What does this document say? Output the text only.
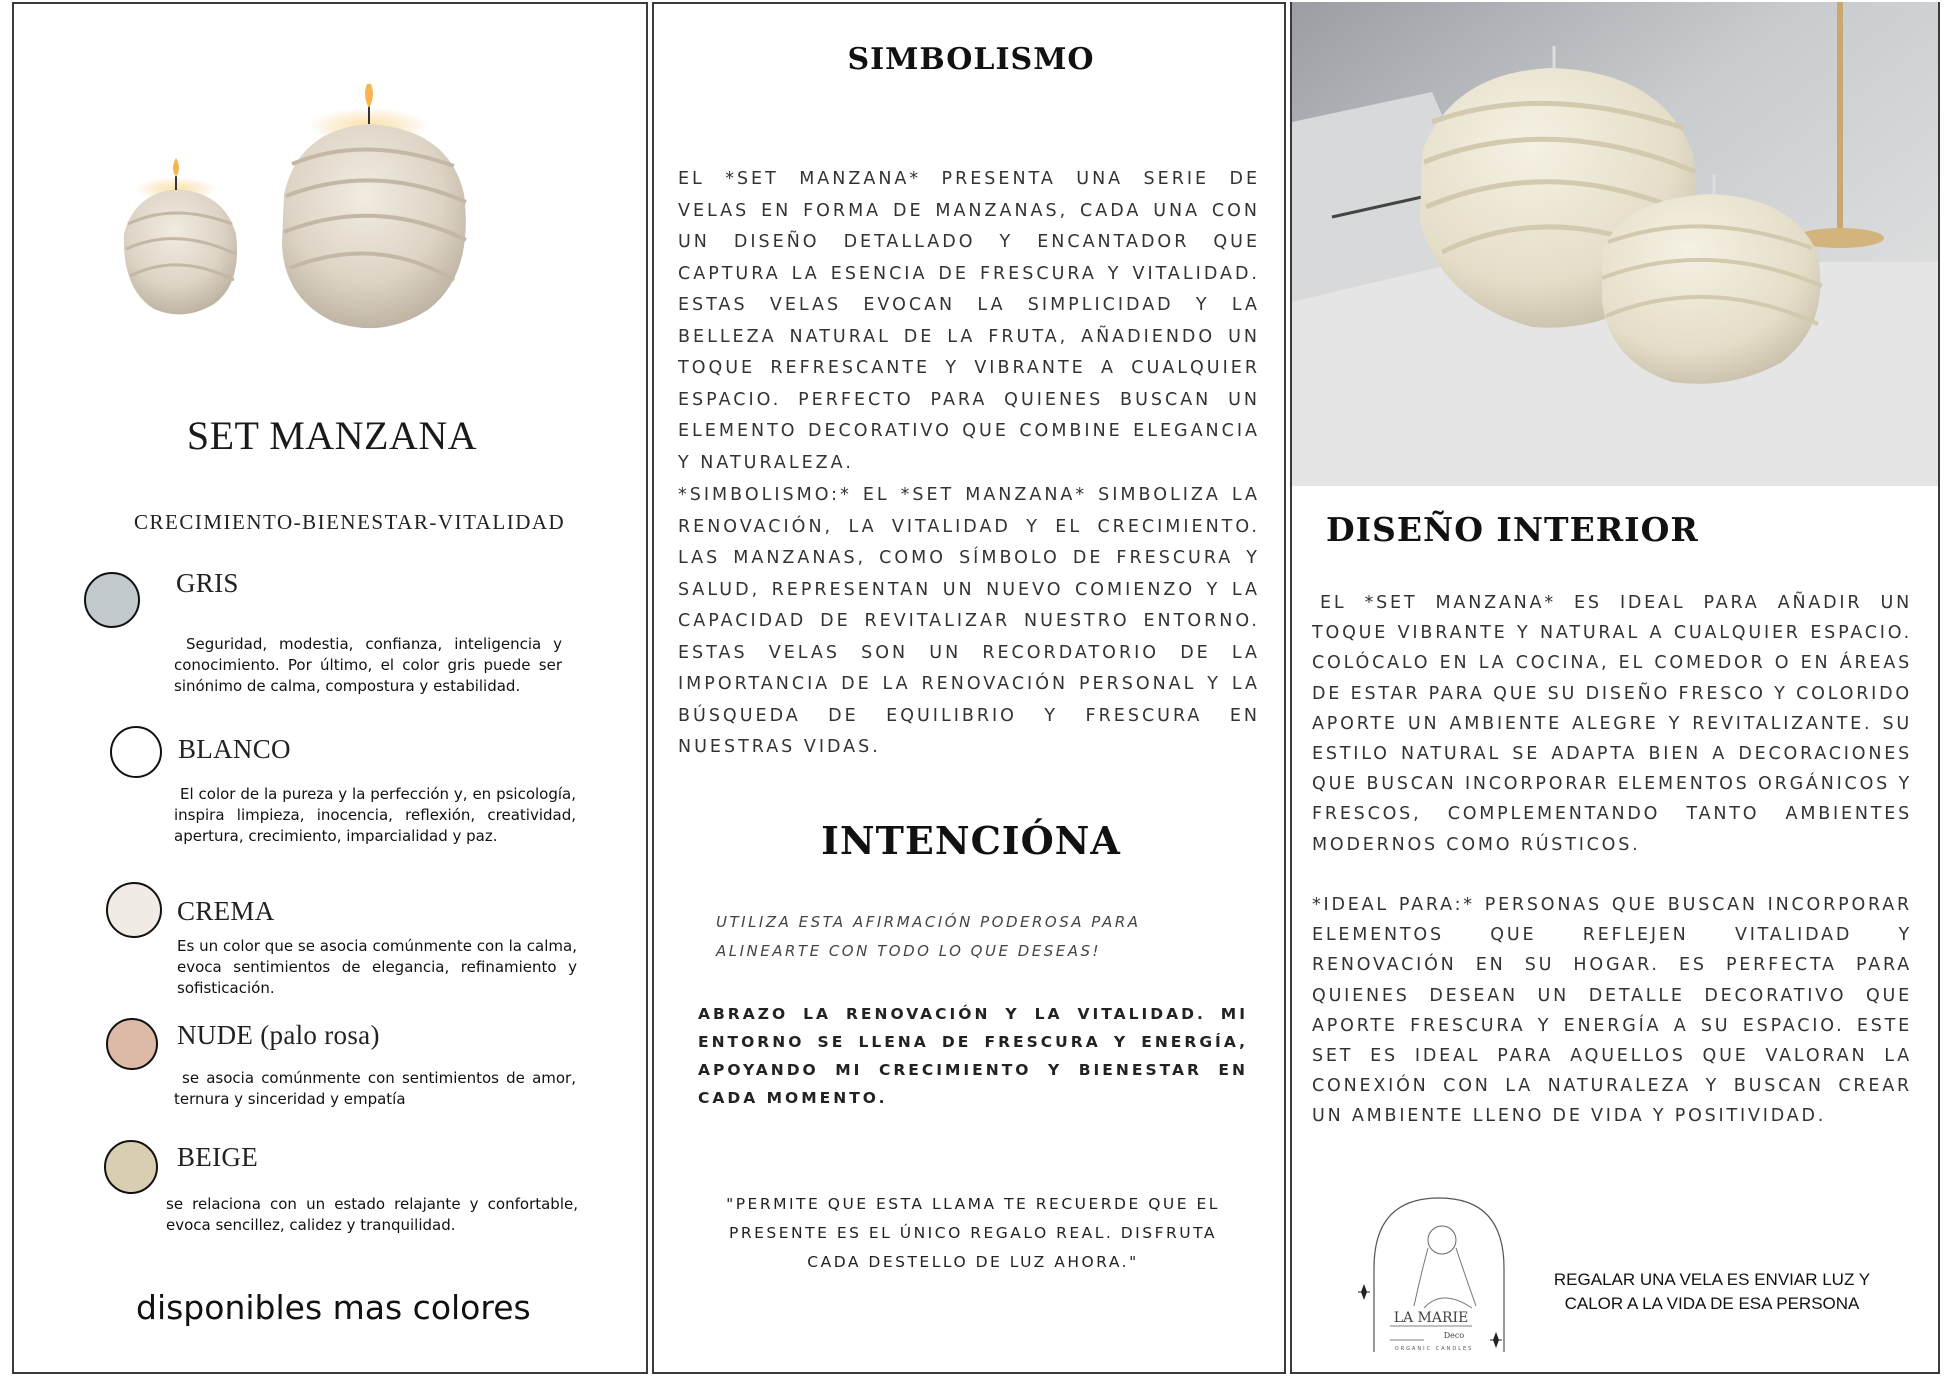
SET MANZANA
CRECIMIENTO-BIENESTAR-VITALIDAD
GRIS
Seguridad, modestia, confianza, inteligencia y conocimiento. Por último, el color gris puede ser sinónimo de calma, compostura y estabilidad.
BLANCO
El color de la pureza y la perfección y, en psicología, inspira limpieza, inocencia, reflexión, creatividad, apertura, crecimiento, imparcialidad y paz.
CREMA
Es un color que se asocia comúnmente con la calma, evoca sentimientos de elegancia, refinamiento y sofisticación.
NUDE (palo rosa)
se asocia comúnmente con sentimientos de amor, ternura y sinceridad y empatía
BEIGE
se relaciona con un estado relajante y confortable, evoca sencillez, calidez y tranquilidad.
disponibles mas colores
SIMBOLISMO
EL *SET MANZANA* PRESENTA UNA SERIE DE VELAS EN FORMA DE MANZANAS, CADA UNA CON UN DISEÑO DETALLADO Y ENCANTADOR QUE CAPTURA LA ESENCIA DE FRESCURA Y VITALIDAD. ESTAS VELAS EVOCAN LA SIMPLICIDAD Y LA BELLEZA NATURAL DE LA FRUTA, AÑADIENDO UN TOQUE REFRESCANTE Y VIBRANTE A CUALQUIER ESPACIO. PERFECTO PARA QUIENES BUSCAN UN ELEMENTO DECORATIVO QUE COMBINE ELEGANCIA Y NATURALEZA.
*SIMBOLISMO:* EL *SET MANZANA* SIMBOLIZA LA RENOVACIÓN, LA VITALIDAD Y EL CRECIMIENTO. LAS MANZANAS, COMO SÍMBOLO DE FRESCURA Y SALUD, REPRESENTAN UN NUEVO COMIENZO Y LA CAPACIDAD DE REVITALIZAR NUESTRO ENTORNO. ESTAS VELAS SON UN RECORDATORIO DE LA IMPORTANCIA DE LA RENOVACIÓN PERSONAL Y LA BÚSQUEDA DE EQUILIBRIO Y FRESCURA EN NUESTRAS VIDAS.
INTENCIÓNA
UTILIZA ESTA AFIRMACIÓN PODEROSA PARA ALINEARTE CON TODO LO QUE DESEAS!
ABRAZO LA RENOVACIÓN Y LA VITALIDAD. MI ENTORNO SE LLENA DE FRESCURA Y ENERGÍA, APOYANDO MI CRECIMIENTO Y BIENESTAR EN CADA MOMENTO.
"PERMITE QUE ESTA LLAMA TE RECUERDE QUE EL PRESENTE ES EL ÚNICO REGALO REAL. DISFRUTA CADA DESTELLO DE LUZ AHORA."
DISEÑO INTERIOR
EL *SET MANZANA* ES IDEAL PARA AÑADIR UN TOQUE VIBRANTE Y NATURAL A CUALQUIER ESPACIO. COLÓCALO EN LA COCINA, EL COMEDOR O EN ÁREAS DE ESTAR PARA QUE SU DISEÑO FRESCO Y COLORIDO APORTE UN AMBIENTE ALEGRE Y REVITALIZANTE. SU ESTILO NATURAL SE ADAPTA BIEN A DECORACIONES QUE BUSCAN INCORPORAR ELEMENTOS ORGÁNICOS Y FRESCOS, COMPLEMENTANDO TANTO AMBIENTES MODERNOS COMO RÚSTICOS.
*IDEAL PARA:* PERSONAS QUE BUSCAN INCORPORAR ELEMENTOS QUE REFLEJEN VITALIDAD Y RENOVACIÓN EN SU HOGAR. ES PERFECTA PARA QUIENES DESEAN UN DETALLE DECORATIVO QUE APORTE FRESCURA Y ENERGÍA A SU ESPACIO. ESTE SET ES IDEAL PARA AQUELLOS QUE VALORAN LA CONEXIÓN CON LA NATURALEZA Y BUSCAN CREAR UN AMBIENTE LLENO DE VIDA Y POSITIVIDAD.
LA MARIE
Deco
ORGANIC CANDLES
REGALAR UNA VELA ES ENVIAR LUZ Y CALOR A LA VIDA DE ESA PERSONA
